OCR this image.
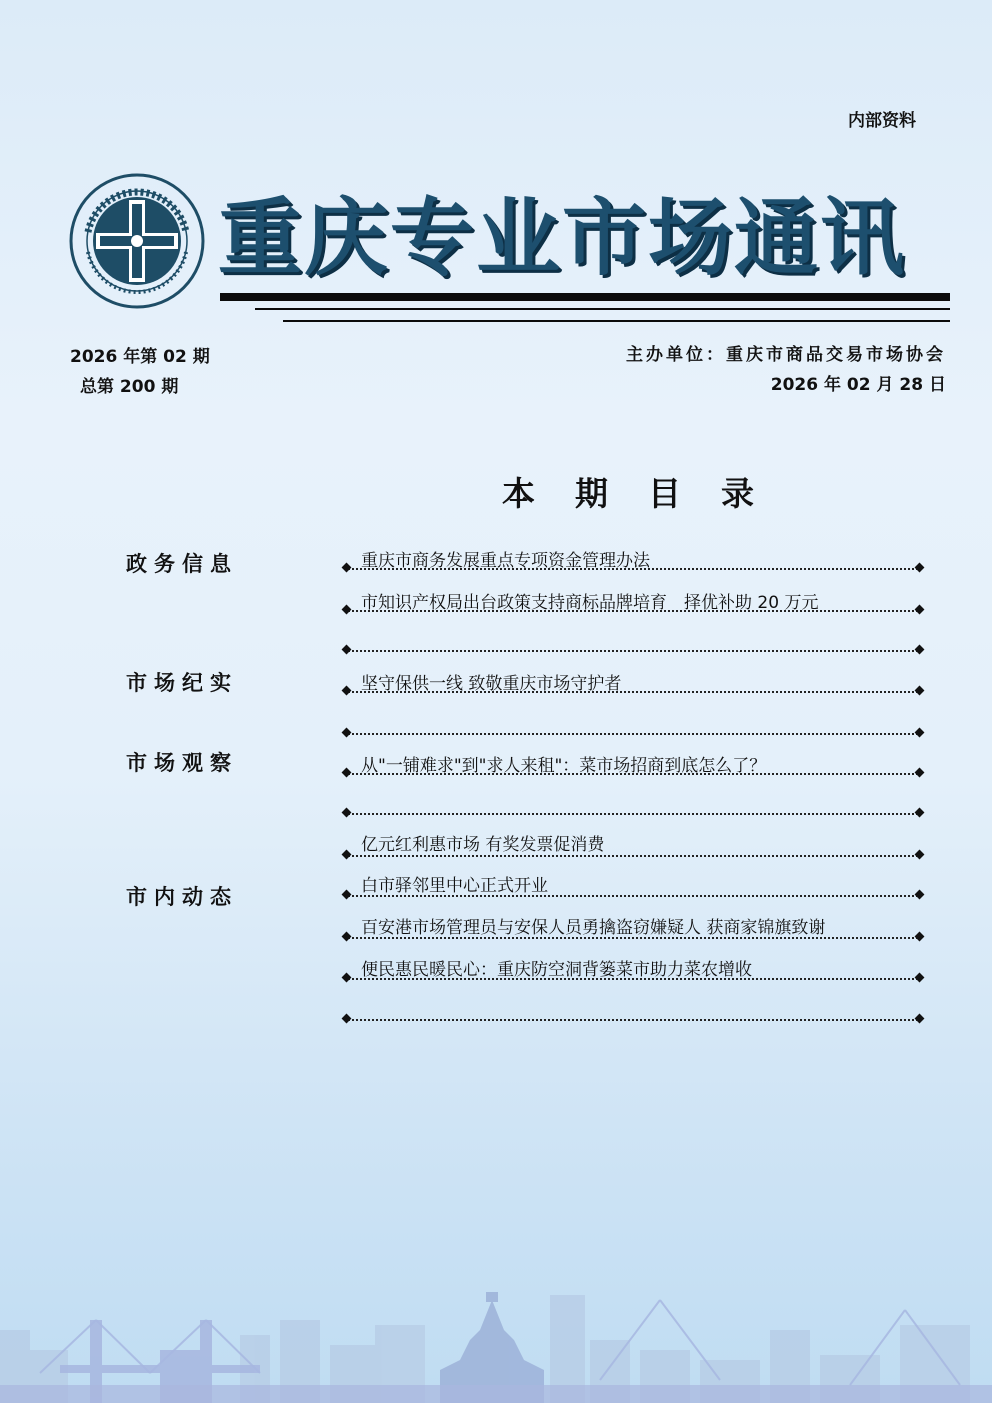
内部资料
重庆专业市场通讯
2026 年第 02 期
总第 200 期
主办单位：重庆市商品交易市场协会
2026 年 02 月 28 日
本期目录
政务信息
市场纪实
市场观察
市内动态
重庆市商务发展重点专项资金管理办法
市知识产权局出台政策支持商标品牌培育　择优补助 20 万元
坚守保供一线 致敬重庆市场守护者
从"一铺难求"到"求人来租"：菜市场招商到底怎么了？
亿元红利惠市场 有奖发票促消费
白市驿邻里中心正式开业
百安港市场管理员与安保人员勇擒盗窃嫌疑人 获商家锦旗致谢
便民惠民暖民心：重庆防空洞背篓菜市助力菜农增收
